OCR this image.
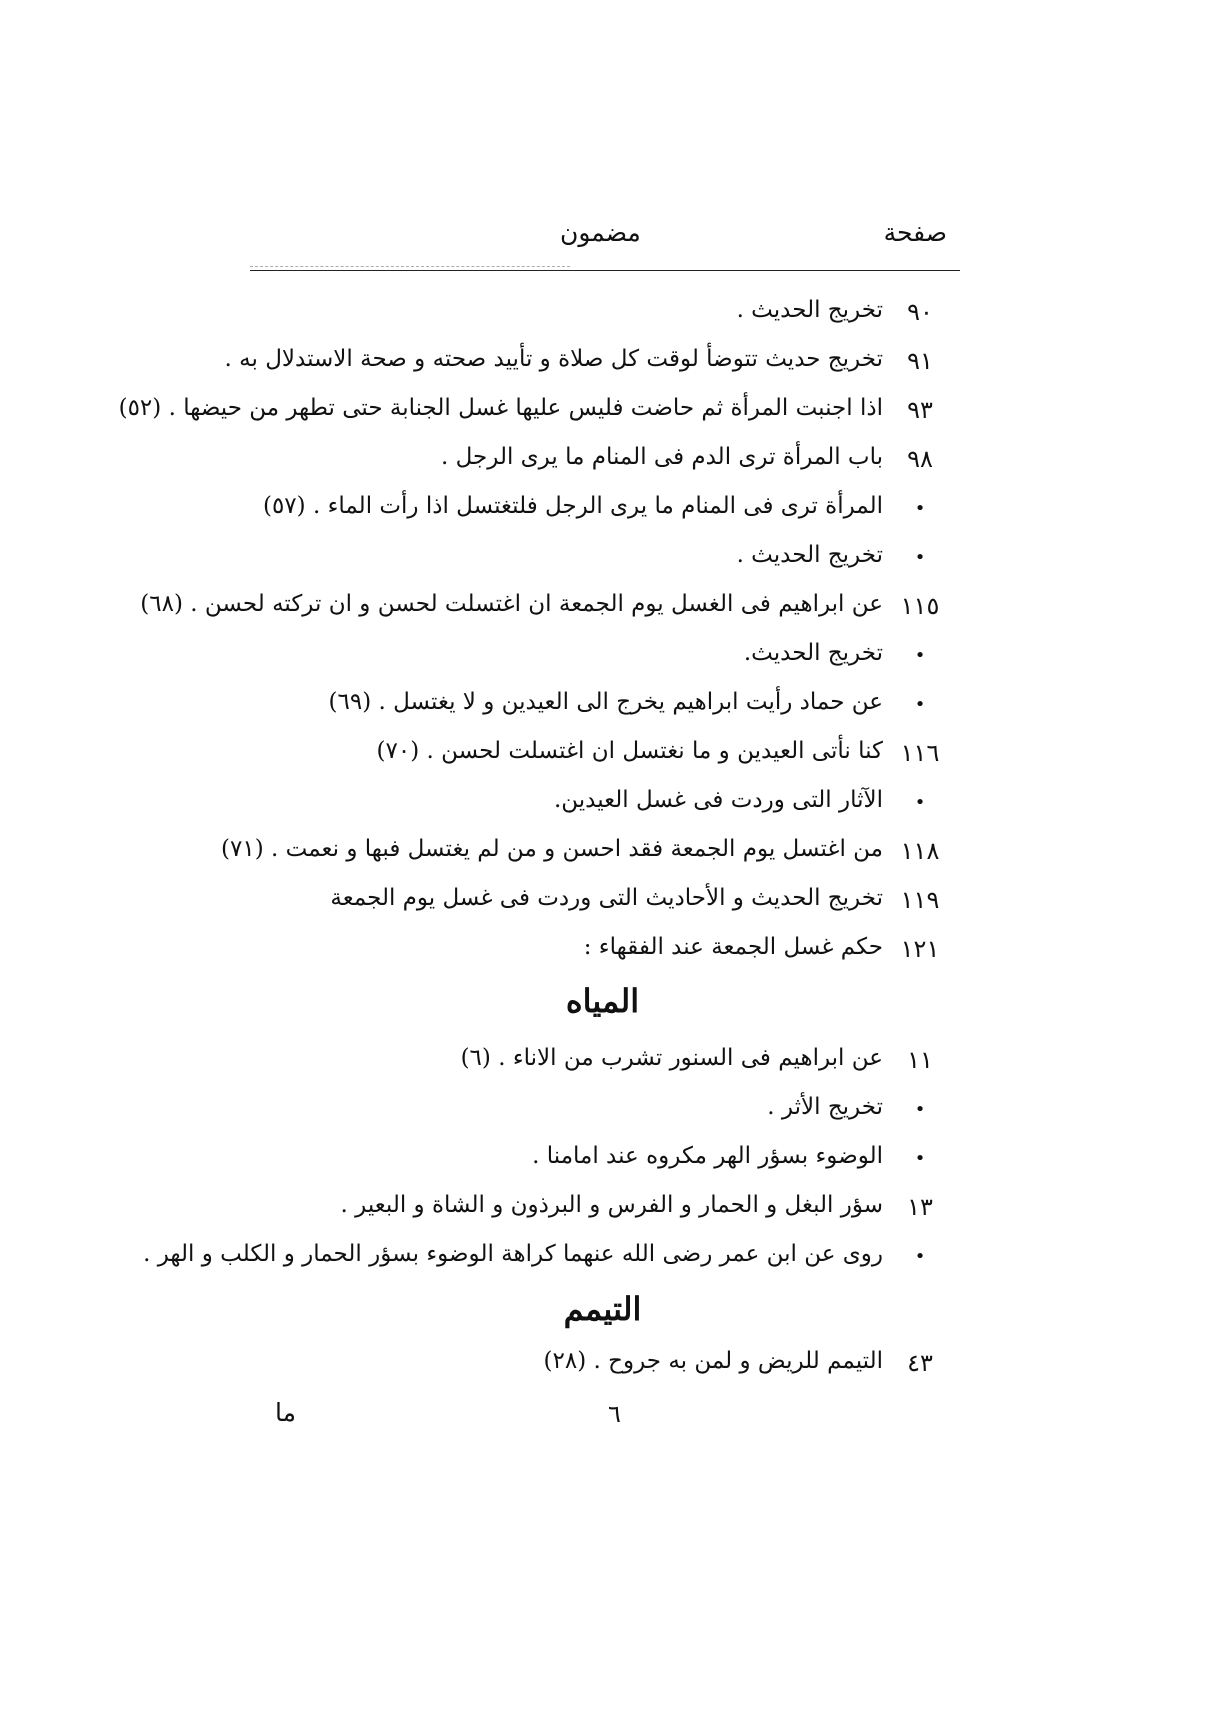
صفحة
مضمون
٩٠
تخريج الحديث .
٩١
تخريج حديث تتوضأ لوقت كل صلاة و تأييد صحته و صحة الاستدلال به .
٩٣
اذا اجنبت المرأة ثم حاضت فليس عليها غسل الجنابة حتى تطهر من حيضها . (٥٢)
٩٨
باب المرأة ترى الدم فى المنام ما يرى الرجل .
•
المرأة ترى فى المنام ما يرى الرجل فلتغتسل اذا رأت الماء . (٥٧)
•
تخريج الحديث .
١١٥
عن ابراهيم فى الغسل يوم الجمعة ان اغتسلت لحسن و ان تركته لحسن . (٦٨)
•
تخريج الحديث.
•
عن حماد رأيت ابراهيم يخرج الى العيدين و لا يغتسل . (٦٩)
١١٦
كنا نأتى العيدين و ما نغتسل ان اغتسلت لحسن . (٧٠)
•
الآثار التى وردت فى غسل العيدين.
١١٨
من اغتسل يوم الجمعة فقد احسن و من لم يغتسل فبها و نعمت . (٧١)
١١٩
تخريج الحديث و الأحاديث التى وردت فى غسل يوم الجمعة
١٢١
حكم غسل الجمعة عند الفقهاء :
المياه
١١
عن ابراهيم فى السنور تشرب من الاناء . (٦)
•
تخريج الأثر .
•
الوضوء بسؤر الهر مكروه عند امامنا .
١٣
سؤر البغل و الحمار و الفرس و البرذون و الشاة و البعير .
•
روى عن ابن عمر رضى الله عنهما كراهة الوضوء بسؤر الحمار و الكلب و الهر .
التيمم
٤٣
التيمم للريض و لمن به جروح . (٢٨)
٦
ما
